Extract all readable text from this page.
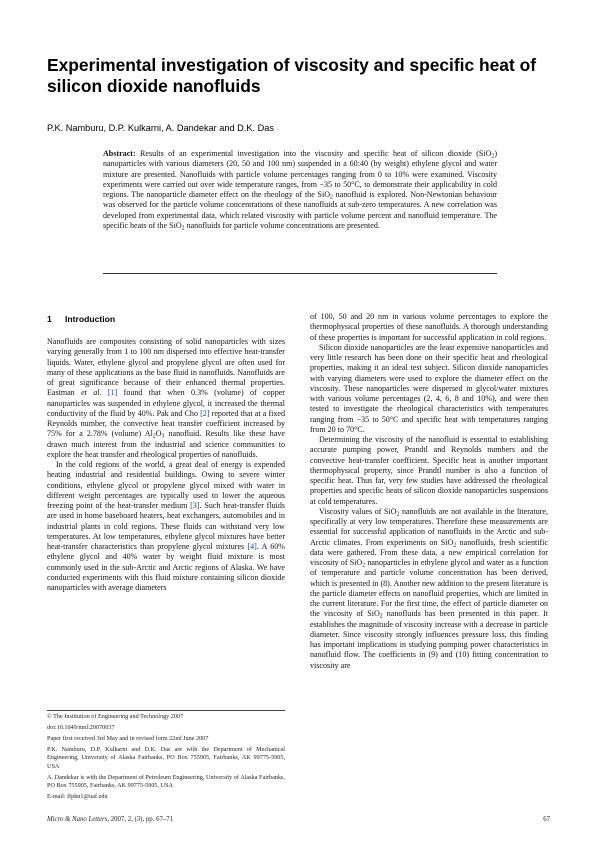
Experimental investigation of viscosity and specific heat of silicon dioxide nanofluids
P.K. Namburu, D.P. Kulkarni, A. Dandekar and D.K. Das
Abstract: Results of an experimental investigation into the viscosity and specific heat of silicon dioxide (SiO$_2$) nanoparticles with various diameters (20, 50 and 100 nm) suspended in a 60:40 (by weight) ethylene glycol and water mixture are presented. Nanofluids with particle volume percentages ranging from 0 to 10% were examined. Viscosity experiments were carried out over wide temperature ranges, from −35 to 50°C, to demonstrate their applicability in cold regions. The nanoparticle diameter effect on the rheology of the SiO$_2$ nanofluid is explored. Non-Newtonian behaviour was observed for the particle volume concentrations of these nanofluids at sub-zero temperatures. A new correlation was developed from experimental data, which related viscosity with particle volume percent and nanofluid temperature. The specific heats of the SiO$_2$ nanofluids for particle volume concentrations are presented.
1 Introduction

Nanofluids are composites consisting of solid nanoparticles with sizes varying generally from 1 to 100 nm dispersed into effective heat-transfer liquids. Water, ethylene glycol and propylene glycol are often used for many of these applications as the base fluid in nanofluids. Nanofluids are of great significance because of their enhanced thermal properties. Eastman et al. [1] found that when 0.3% (volume) of copper nanoparticles was suspended in ethylene glycol, it increased the thermal conductivity of the fluid by 40%. Pak and Cho [2] reported that at a fixed Reynolds number, the convective heat transfer coefficient increased by 75% for a 2.78% (volume) $Al_2O_3$ nanofluid. Results like these have drawn much interest from the industrial and science communities to explore the heat transfer and rheological properties of nanofluids.

In the cold regions of the world, a great deal of energy is expended heating industrial and residential buildings. Owing to severe winter conditions, ethylene glycol or propylene glycol mixed with water in different weight percentages are typically used to lower the aqueous freezing point of the heat-transfer medium [3]. Such heat-transfer fluids are used in home baseboard heaters, heat exchangers, automobiles and in industrial plants in cold regions. These fluids can withstand very low temperatures. At low temperatures, ethylene glycol mixtures have better heat-transfer characteristics than propylene glycol mixtures [4]. A 60% ethylene glycol and 40% water by weight fluid mixture is most commonly used in the sub-Arctic and Arctic regions of Alaska. We have conducted experiments with this fluid mixture containing silicon dioxide nanoparticles with average diameters

of 100, 50 and 20 nm in various volume percentages to explore the thermophysical properties of these nanofluids. A thorough understanding of these properties is important for successful application in cold regions.

Silicon dioxide nanoparticles are the least expensive nanoparticles and very little research has been done on their specific heat and rheological properties, making it an ideal test subject. Silicon dioxide nanoparticles with varying diameters were used to explore the diameter effect on the viscosity. These nanoparticles were dispersed in glycol/water mixtures with various volume percentages (2, 4, 6, 8 and 10%), and were then tested to investigate the rheological characteristics with temperatures ranging from −35 to 50°C and specific heat with temperatures ranging from 20 to 70°C.

Determining the viscosity of the nanofluid is essential to establishing accurate pumping power, Prandtl and Reynolds numbers and the convective heat-transfer coefficient. Specific heat is another important thermophysical property, since Prandtl number is also a function of specific heat. Thus far, very few studies have addressed the rheological properties and specific heats of silicon dioxide nanoparticles suspensions at cold temperatures.

Viscosity values of SiO$_2$ nanofluids are not available in the literature, specifically at very low temperatures. Therefore these measurements are essential for successful application of nanofluids in the Arctic and sub-Arctic climates. From experiments on SiO$_2$ nanofluids, fresh scientific data were gathered. From these data, a new empirical correlation for viscosity of SiO$_2$ nanoparticles in ethylene glycol and water as a function of temperature and particle volume concentration has been derived, which is presented in (8). Another new addition to the present literature is the particle diameter effects on nanofluid properties, which are limited in the current literature. For the first time, the effect of particle diameter on the viscosity of SiO$_2$ nanofluids has been presented in this paper. It establishes the magnitude of viscosity increase with a decrease in particle diameter. Since viscosity strongly influences pressure loss, this finding has important implications in studying pumping power characteristics in nanofluid flow. The coefficients in (9) and (10) fitting concentration to viscosity are

© The Institution of Engineering and Technology 2007
doi:10.1049/mnl:20070037
Paper first received 3rd May and in revised form 22nd June 2007
P.K. Namburu, D.P. Kulkarni and D.K. Das are with the Department of Mechanical Engineering, University of Alaska Fairbanks, PO Box 755905, Fairbanks, AK 99775-5905, USA
A. Dandekar is with the Department of Petroleum Engineering, University of Alaska Fairbanks, PO Box 755905, Fairbanks, AK 99775-5905, USA
E-mail: ffpkn1@uaf.edu
Micro & Nano Letters, 2007, 2, (3), pp. 67–71	67
